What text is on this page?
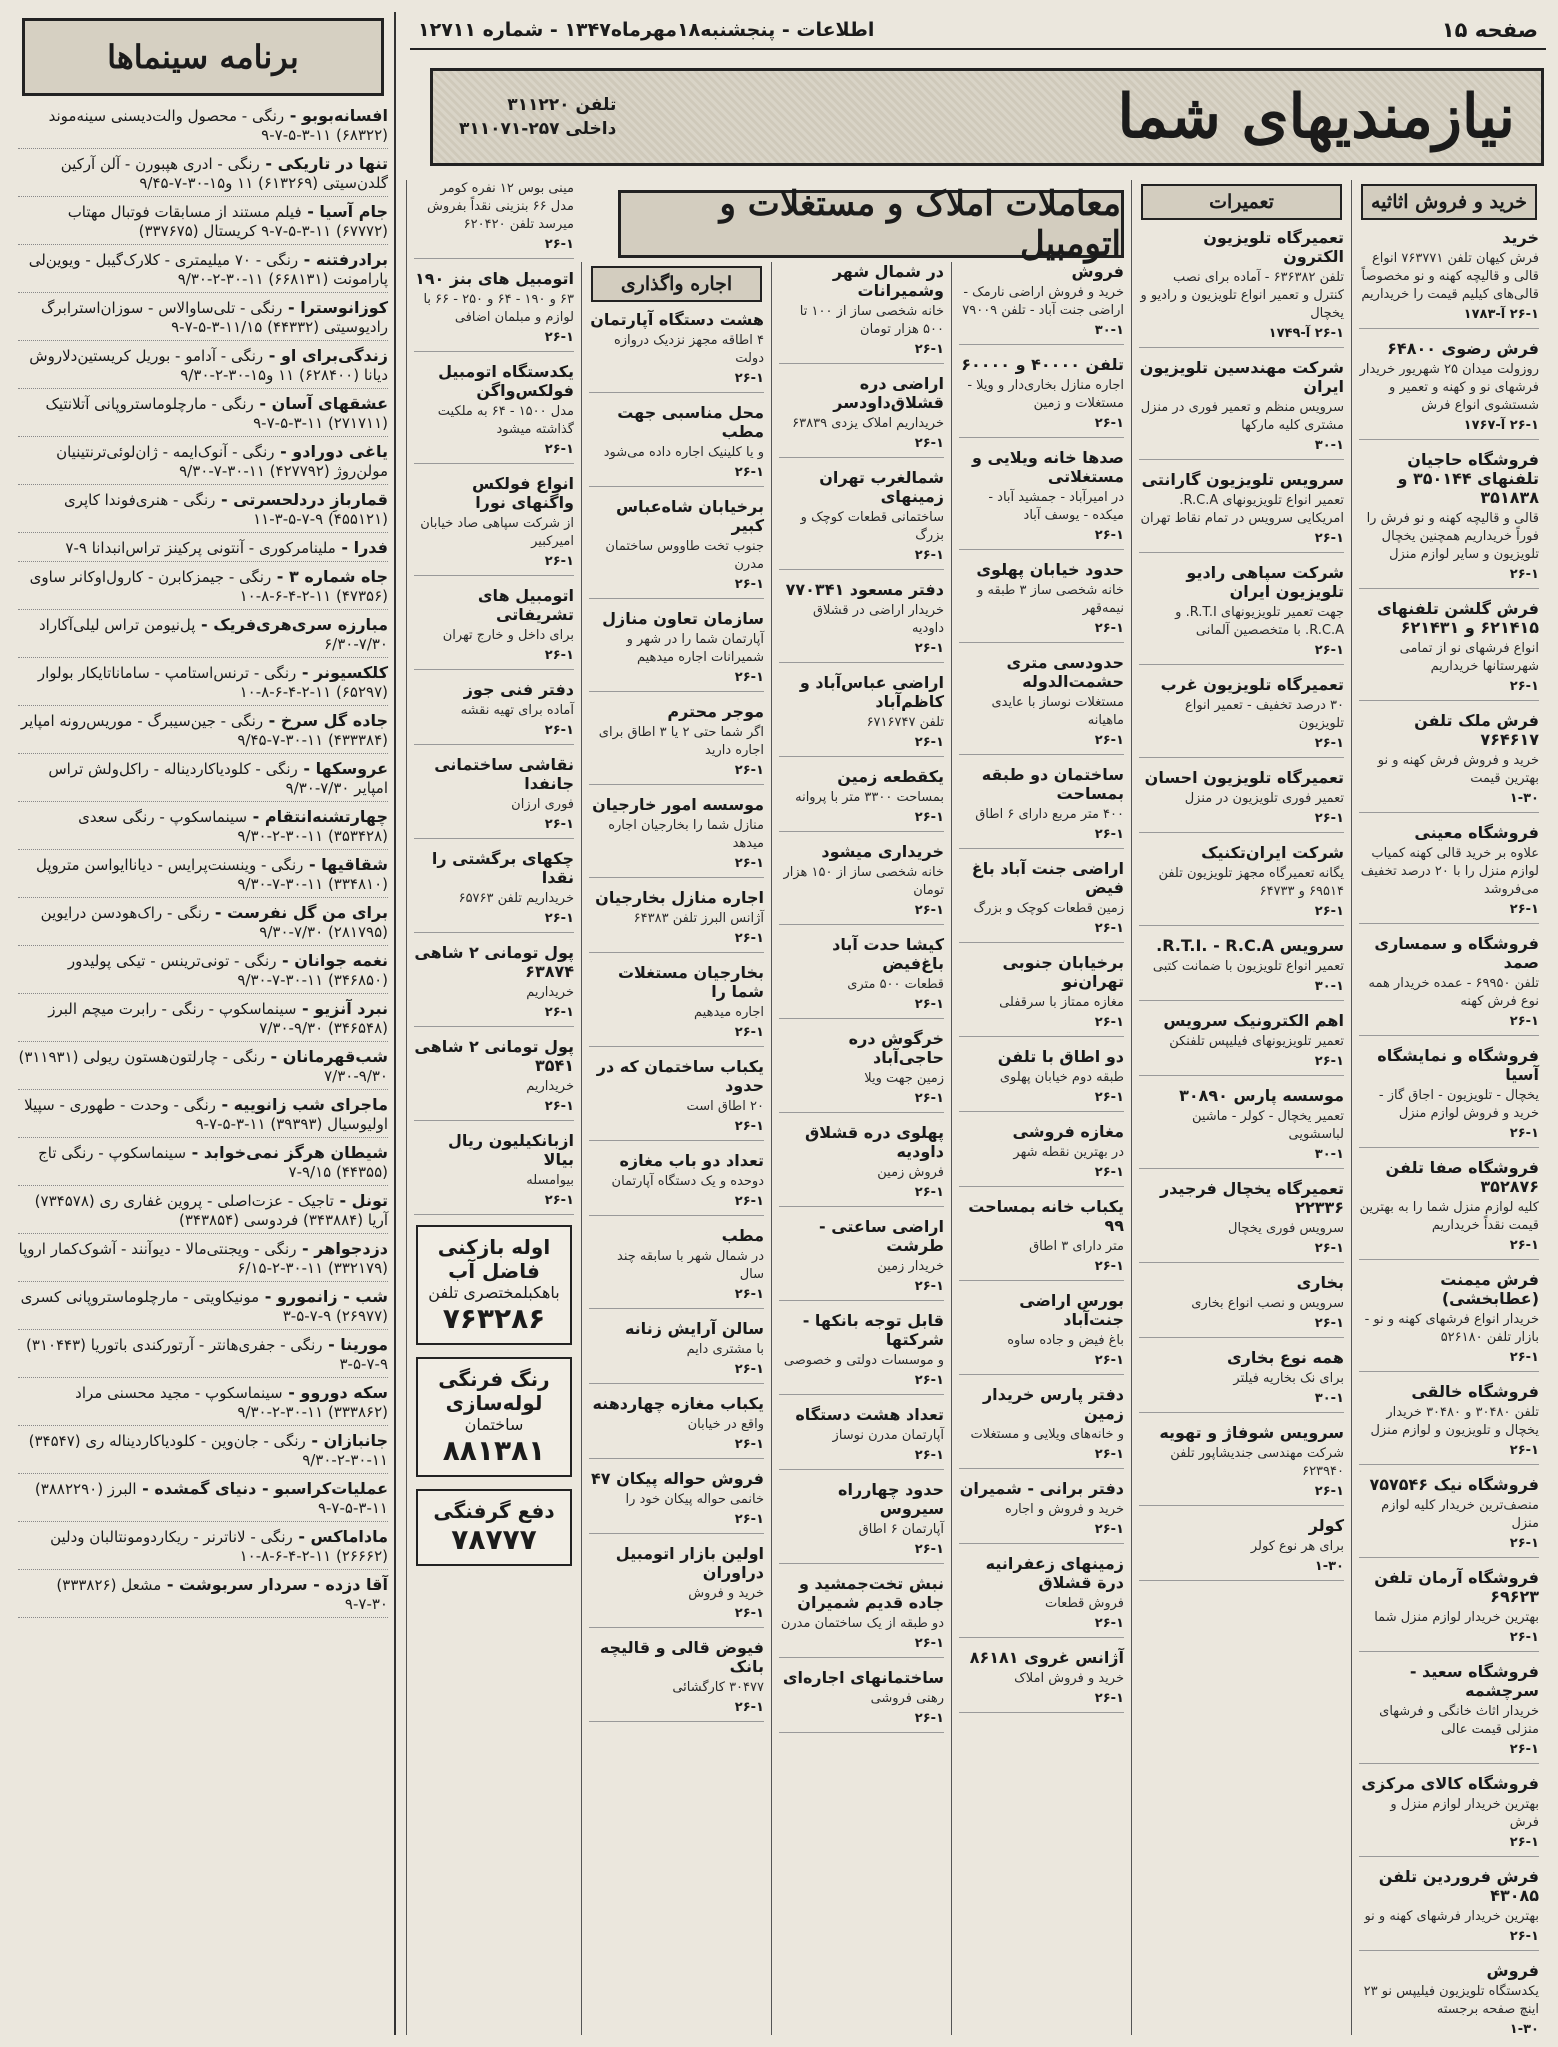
صفحه ۱۵
اطلاعات - پنجشنبه۱۸مهرماه۱۳۴۷ - شماره ۱۲۷۱۱
نیازمندیهای شما
تلفن ۳۱۱۲۲۰
داخلی ۲۵۷-۳۱۱۰۷۱
خرید و فروش اثاثیه
خرید
فرش کیهان تلفن ۷۶۳۷۷۱ انواع قالی و قالیچه کهنه و نو مخصوصاً قالی‌های کیلیم قیمت را خریداریم
۲۶-۱ آ-۱۷۸۳
فرش رضوی ۶۴۸۰۰
روزولت میدان ۲۵ شهریور خریدار فرشهای نو و کهنه و تعمیر و شستشوی انواع فرش
۲۶-۱ آ-۱۷۶۷
فروشگاه حاجیان تلفنهای ۳۵۰۱۴۴ و ۳۵۱۸۳۸
قالی و قالیچه کهنه و نو فرش را فوراً خریداریم همچنین یخچال تلویزیون و سایر لوازم منزل
۲۶-۱
فرش گلشن تلفنهای ۶۲۱۴۱۵ و ۶۲۱۴۳۱
انواع فرشهای نو از تمامی شهرستانها خریداریم
۲۶-۱
فرش ملک تلفن ۷۶۴۶۱۷
خرید و فروش فرش کهنه و نو بهترین قیمت
۱-۳۰
فروشگاه معینی
علاوه بر خرید قالی کهنه کمیاب لوازم منزل را با ۲۰ درصد تخفیف می‌فروشد
۲۶-۱
فروشگاه و سمساری صمد
تلفن ۶۹۹۵۰ - عمده خریدار همه نوع فرش کهنه
۲۶-۱
فروشگاه و نمایشگاه آسیا
یخچال - تلویزیون - اجاق گاز - خرید و فروش لوازم منزل
۲۶-۱
فروشگاه صفا تلفن ۳۵۲۸۷۶
کلیه لوازم منزل شما را به بهترین قیمت نقداً خریداریم
۲۶-۱
فرش میمنت (عطابخشی)
خریدار انواع فرشهای کهنه و نو - بازار تلفن ۵۲۶۱۸۰
۲۶-۱
فروشگاه خالقی
تلفن ۳۰۴۸۰ و ۳۰۴۸۰ خریدار یخچال و تلویزیون و لوازم منزل
۲۶-۱
فروشگاه نیک ۷۵۷۵۴۶
منصف‌ترین خریدار کلیه لوازم منزل
۲۶-۱
فروشگاه آرمان تلفن ۶۹۶۲۳
بهترین خریدار لوازم منزل شما
۲۶-۱
فروشگاه سعید - سرچشمه
خریدار اثاث خانگی و فرشهای منزلی قیمت عالی
۲۶-۱
فروشگاه کالای مرکزی
بهترین خریدار لوازم منزل و فرش
۲۶-۱
فرش فروردین تلفن ۴۳۰۸۵
بهترین خریدار فرشهای کهنه و نو
۲۶-۱
فروش
یکدستگاه تلویزیون فیلیپس نو ۲۳ اینچ صفحه برجسته
۱-۳۰
تعمیرات
تعمیرگاه تلویزیون الکترون
تلفن ۶۳۶۳۸۲ - آماده برای نصب کنترل و تعمیر انواع تلویزیون و رادیو و یخچال
۲۶-۱ آ-۱۷۴۹
شرکت مهندسین تلویزیون ایران
سرویس منظم و تعمیر فوری در منزل مشتری کلیه مارکها
۳۰-۱
سرویس تلویزیون گارانتی
تعمیر انواع تلویزیونهای R.C.A. امریکایی سرویس در تمام نقاط تهران
۲۶-۱
شرکت سپاهی رادیو تلویزیون ایران
جهت تعمیر تلویزیونهای R.T.I. و R.C.A. با متخصصین آلمانی
۲۶-۱
تعمیرگاه تلویزیون غرب
۳۰ درصد تخفیف - تعمیر انواع تلویزیون
۲۶-۱
تعمیرگاه تلویزیون احسان
تعمیر فوری تلویزیون در منزل
۲۶-۱
شرکت ایران‌تکنیک
یگانه تعمیرگاه مجهز تلویزیون تلفن ۶۹۵۱۴ و ۶۴۷۳۳
۲۶-۱
سرویس R.T.I. - R.C.A.
تعمیر انواع تلویزیون با ضمانت کتبی
۳۰-۱
اهم الکترونیک سرویس
تعمیر تلویزیونهای فیلیپس تلفنکن
۲۶-۱
موسسه پارس ۳۰۸۹۰
تعمیر یخچال - کولر - ماشین لباسشویی
۳۰-۱
تعمیرگاه یخچال فرجیدر ۲۲۳۳۶
سرویس فوری یخچال
۲۶-۱
بخاری
سرویس و نصب انواع بخاری
۲۶-۱
همه نوع بخاری
برای نک بخاریه فیلتر
۳۰-۱
سرویس شوفاژ و تهویه
شرکت مهندسی جندیشاپور تلفن ۶۲۳۹۴۰
۲۶-۱
کولر
برای هر نوع کولر
۱-۳۰
معاملات املاک و مستغلات و اتومبیل
فروش
خرید و فروش اراضی نارمک - اراضی جنت آباد - تلفن ۷۹۰۰۹
۳۰-۱
تلفن ۴۰۰۰۰ و ۶۰۰۰۰
اجاره منازل بخاری‌دار و ویلا - مستغلات و زمین
۲۶-۱
صدها خانه ویلایی و مستغلاتی
در امیرآباد - جمشید آباد - میکده - یوسف آباد
۲۶-۱
حدود خیابان پهلوی
خانه شخصی ساز ۳ طبقه و نیمه‌قهر
۲۶-۱
حدودسی متری حشمت‌الدوله
مستغلات نوساز با عایدی ماهیانه
۲۶-۱
ساختمان دو طبقه بمساحت
۴۰۰ متر مربع دارای ۶ اطاق
۲۶-۱
اراضی جنت آباد باغ فیض
زمین قطعات کوچک و بزرگ
۲۶-۱
برخیابان جنوبی تهران‌نو
مغازه ممتاز با سرقفلی
۲۶-۱
دو اطاق با تلفن
طبقه دوم خیابان پهلوی
۲۶-۱
مغازه فروشی
در بهترین نقطه شهر
۲۶-۱
یکباب خانه بمساحت ۹۹
متر دارای ۳ اطاق
۲۶-۱
بورس اراضی جنت‌آباد
باغ فیض و جاده ساوه
۲۶-۱
دفتر پارس خریدار زمین
و خانه‌های ویلایی و مستغلات
۲۶-۱
دفتر برانی - شمیران
خرید و فروش و اجاره
۲۶-۱
زمینهای زعفرانیه درة قشلاق
فروش قطعات
۲۶-۱
آژانس غروی ۸۶۱۸۱
خرید و فروش املاک
۲۶-۱
در شمال شهر وشمیرانات
خانه شخصی ساز از ۱۰۰ تا ۵۰۰ هزار تومان
۲۶-۱
اراضی دره قشلاق‌داودسر
خریداریم املاک یزدی ۶۳۸۳۹
۲۶-۱
شمالغرب تهران زمینهای
ساختمانی قطعات کوچک و بزرگ
۲۶-۱
دفتر مسعود ۷۷۰۳۴۱
خریدار اراضی در قشلاق داودیه
۲۶-۱
اراضی عباس‌آباد و کاظم‌آباد
تلفن ۶۷۱۶۷۴۷
۲۶-۱
یکقطعه زمین
بمساحت ۳۳۰۰ متر با پروانه
۲۶-۱
خریداری میشود
خانه شخصی ساز از ۱۵۰ هزار تومان
۲۶-۱
کیشا حدت آباد باغ‌فیض
قطعات ۵۰۰ متری
۲۶-۱
خرگوش دره حاجی‌آباد
زمین جهت ویلا
۲۶-۱
پهلوی دره قشلاق داودیه
فروش زمین
۲۶-۱
اراضی ساعتی - طرشت
خریدار زمین
۲۶-۱
قابل توجه بانکها - شرکتها
و موسسات دولتی و خصوصی
۲۶-۱
تعداد هشت دستگاه
آپارتمان مدرن نوساز
۲۶-۱
حدود چهارراه سیروس
آپارتمان ۶ اطاق
۲۶-۱
نبش تخت‌جمشید و جاده قدیم شمیران
دو طبقه از یک ساختمان مدرن
۲۶-۱
ساختمانهای اجاره‌ای
رهنی فروشی
۲۶-۱
اجاره واگذاری
هشت دستگاه آپارتمان
۴ اطاقه مجهز نزدیک دروازه دولت
۲۶-۱
محل مناسبی جهت مطب
و یا کلینیک اجاره داده می‌شود
۲۶-۱
برخیابان شاه‌عباس کبیر
جنوب تخت طاووس ساختمان مدرن
۲۶-۱
سازمان تعاون منازل
آپارتمان شما را در شهر و شمیرانات اجاره میدهیم
۲۶-۱
موجر محترم
اگر شما حتی ۲ یا ۳ اطاق برای اجاره دارید
۲۶-۱
موسسه امور خارجیان
منازل شما را بخارجیان اجاره میدهد
۲۶-۱
اجاره منازل بخارجیان
آژانس البرز تلفن ۶۴۳۸۳
۲۶-۱
بخارجیان مستغلات شما را
اجاره میدهیم
۲۶-۱
یکباب ساختمان که در حدود
۲۰ اطاق است
۲۶-۱
تعداد دو باب مغازه
دوحده و یک دستگاه آپارتمان
۲۶-۱
مطب
در شمال شهر با سابقه چند سال
۲۶-۱
سالن آرایش زنانه
با مشتری دایم
۲۶-۱
یکباب مغازه چهاردهنه
واقع در خیابان
۲۶-۱
فروش حواله پیکان ۴۷
خانمی حواله پیکان خود را
۲۶-۱
اولین بازار اتومبیل دراوران
خرید و فروش
۲۶-۱
فیوض قالی و قالیچه بانک
۳۰۴۷۷ کارگشائی
۲۶-۱
مینی بوس ۱۲ نفره کومر مدل ۶۶ بنزینی نقداً بفروش میرسد تلفن ۶۲۰۴۲۰
۲۶-۱
اتومبیل های بنز ۱۹۰
۶۳ و ۱۹۰ - ۶۴ و ۲۵۰ - ۶۶ با لوازم و مبلمان اضافی
۲۶-۱
یکدستگاه اتومبیل فولکس‌واگن
مدل ۱۵۰۰ - ۶۴ به ملکیت گذاشته میشود
۲۶-۱
انواع فولکس واگنهای نورا
از شرکت سپاهی صاد خیابان امیرکبیر
۲۶-۱
اتومبیل های تشریفاتی
برای داخل و خارج تهران
۲۶-۱
دفتر فنی جوز
آماده برای تهیه نقشه
۲۶-۱
نقاشی ساختمانی جانفدا
فوری ارزان
۲۶-۱
چکهای برگشتی را نقدا
خریداریم تلفن ۶۵۷۶۳
۲۶-۱
پول تومانی ۲ شاهی ۶۳۸۷۴
خریداریم
۲۶-۱
پول تومانی ۲ شاهی ۳۵۴۱
خریداریم
۲۶-۱
ازبانکیلیون ریال بیالا
بیوامسله
۲۶-۱
اوله بازکنی فاضل آب
باهکبلمختصری تلفن
۷۶۳۲۸۶
رنگ فرنگی لوله‌سازی
ساختمان
۸۸۱۳۸۱
دفع گرفنگی
۷۸۷۷۷
برنامه سینماها
افسانه‌بوبو - رنگی - محصول والت‌دیسنی سینه‌موند (۶۸۳۲۲) ۱۱-۳-۵-۷-۹
تنها در تاریکی - رنگی - ادری هپبورن - آلن آرکین گلدن‌سیتی (۶۱۳۲۶۹) ۱۱ و۱۵-۳۰-۷-۹/۴۵
جام آسیا - فیلم مستند از مسابقات فوتبال مهتاب (۶۷۷۷۲) ۱۱-۳-۵-۷-۹ کریستال (۳۳۷۶۷۵)
برادرفتنه - رنگی - ۷۰ میلیمتری - کلارک‌گیبل - ویوین‌لی پارامونت (۶۶۸۱۳۱) ۱۱-۳۰-۲-۹/۳۰
کوزانوسترا - رنگی - تلی‌ساوالاس - سوزان‌استرابرگ رادیوسیتی (۴۴۳۳۲) ۱۱/۱۵-۳-۵-۷-۹
زندگی‌برای او - رنگی - آدامو - بوریل کریستین‌دلاروش دیانا (۶۲۸۴۰۰) ۱۱ و۱۵-۳۰-۲-۹/۳۰
عشقهای آسان - رنگی - مارچلوماستروپانی آتلانتیک (۲۷۱۷۱۱) ۱۱-۳-۵-۷-۹
یاغی دورادو - رنگی - آنوک‌ایمه - ژان‌لوئی‌ترنتینیان مولن‌روژ (۴۲۷۷۹۲) ۱۱-۳۰-۷-۹/۳۰
قماربازِ دردلحسرتی - رنگی - هنری‌فوندا کاپری (۴۵۵۱۲۱) ۹-۷-۵-۳-۱۱
فدرا - ملینامرکوری - آنتونی پرکینز تراس‌انبدانا ۹-۷
جاه شماره ۳ - رنگی - جیمزکابرن - کارول‌اوکانر ساوی (۴۷۳۵۶) ۱۱-۲-۴-۶-۸-۱۰
مبارزه سری‌هری‌فریک - پل‌نیومن تراس لیلی‌آکاراد ۷/۳۰-۶/۳۰
کلکسیونر - رنگی - ترنس‌استامپ - ساماناتایکار بولوار (۶۵۲۹۷) ۱۱-۲-۴-۶-۸-۱۰
جاده گل سرخ - رنگی - جین‌سیبرگ - موریس‌رونه امپایر (۴۳۳۳۸۴) ۱۱-۳۰-۷-۹/۴۵
عروسکها - رنگی - کلودیاکاردیناله - راکل‌ولش تراس امپایر ۷/۳۰-۹/۳۰
چهارتشنه‌انتقام - سینماسکوپ - رنگی سعدی (۳۵۳۴۲۸) ۱۱-۳۰-۲-۹/۳۰
شقاقیها - رنگی - وینسنت‌پرایس - دیاناایواسن متروپل (۳۳۴۸۱۰) ۱۱-۳۰-۷-۹/۳۰
برای من گل نفرست - رنگی - راک‌هودسن درایوین (۲۸۱۷۹۵) ۷/۳۰-۹/۳۰
نغمه جوانان - رنگی - تونی‌ترینس - تیکی پولیدور (۳۴۶۸۵۰) ۱۱-۳۰-۷-۹/۳۰
نبرد آنزیو - سینماسکوپ - رنگی - رابرت میچم البرز (۳۴۶۵۴۸) ۹/۳۰-۷/۳۰
شب‌قهرمانان - رنگی - چارلتون‌هستون ریولی (۳۱۱۹۳۱) ۹/۳۰-۷/۳۰
ماجرای شب زانوییه - رنگی - وحدت - طهوری - سپیلا اولیوسیال (۳۹۳۹۳) ۱۱-۳-۵-۷-۹
شیطان هرگز نمی‌خوابد - سینماسکوپ - رنگی تاج (۴۴۳۵۵) ۹/۱۵-۷
تونل - تاجیک - عزت‌اصلی - پروین غفاری ری (۷۳۴۵۷۸) آریا (۳۴۳۸۸۴) فردوسی (۳۴۳۸۵۴)
دزدجواهر - رنگی - ویجنتی‌مالا - دیوآنند - آشوک‌کمار اروپا (۳۳۲۱۷۹) ۱۱-۳۰-۲-۶/۱۵
شب - زانمورو - مونیکاویتی - مارچلوماستروپانی کسری (۲۶۹۷۷) ۹-۷-۵-۳
مورینا - رنگی - جفری‌هانتر - آرتورکندی باتوریا (۳۱۰۴۴۳) ۹-۷-۵-۳
سکه دوروو - سینماسکوپ - مجید محسنی مراد (۳۳۳۸۶۲) ۱۱-۳۰-۲-۹/۳۰
جانبازان - رنگی - جان‌وین - کلودیاکاردیناله ری (۳۴۵۴۷) ۱۱-۳۰-۲-۹/۳۰
عملیات‌کراسبو - دنیای گمشده - البرز (۳۸۸۲۲۹۰) ۱۱-۳-۵-۷-۹
ماداماکس - رنگی - لاناترنر - ریکاردومونتالبان ودلین (۲۶۶۶۲) ۱۱-۲-۴-۶-۸-۱۰
آقا دزده - سردار سربوشت - مشعل (۳۳۳۸۲۶) ۳۰-۷-۹
